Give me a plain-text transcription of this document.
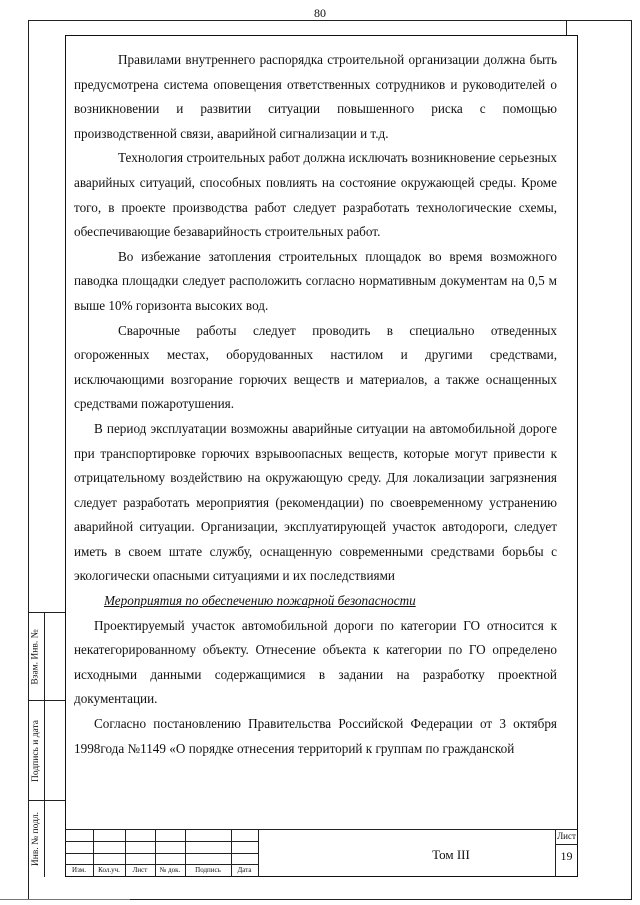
80

Правилами внутреннего распорядка строительной организации должна быть предусмотрена система оповещения ответственных сотрудников и руководителей о возникновении и развитии ситуации повышенного риска с помощью производственной связи, аварийной сигнализации и т.д.

Технология строительных работ должна исключать возникновение серьезных аварийных ситуаций, способных повлиять на состояние окружающей среды. Кроме того, в проекте производства работ следует разработать технологические схемы, обеспечивающие безаварийность строительных работ.

Во избежание затопления строительных площадок во время возможного паводка площадки следует расположить согласно нормативным документам на 0,5 м выше 10% горизонта высоких вод.

Сварочные работы следует проводить в специально отведенных огороженных местах, оборудованных настилом и другими средствами, исключающими возгорание горючих веществ и материалов, а также оснащенных средствами пожаротушения.

В период эксплуатации возможны аварийные ситуации на автомобильной дороге при транспортировке горючих взрывоопасных веществ, которые могут привести к отрицательному воздействию на окружающую среду. Для локализации загрязнения следует разработать мероприятия (рекомендации) по своевременному устранению аварийной ситуации. Организации, эксплуатирующей участок автодороги, следует иметь в своем штате службу, оснащенную современными средствами борьбы с экологически опасными ситуациями и их последствиями

Мероприятия по обеспечению пожарной безопасности

Проектируемый участок автомобильной дороги по категории ГО относится к некатегорированному объекту. Отнесение объекта к категории по ГО определено исходными данными содержащимися в задании на разработку проектной документации.

Согласно постановлению Правительства Российской Федерации от 3 октября 1998года №1149 «О порядке отнесения территорий к группам по гражданской

Взам. Инв. №
Подпись и дата
Инв. № подл.
Изм.	Кол.уч.	Лист	№ док.	Подпись	Дата
Том III
Лист
19
